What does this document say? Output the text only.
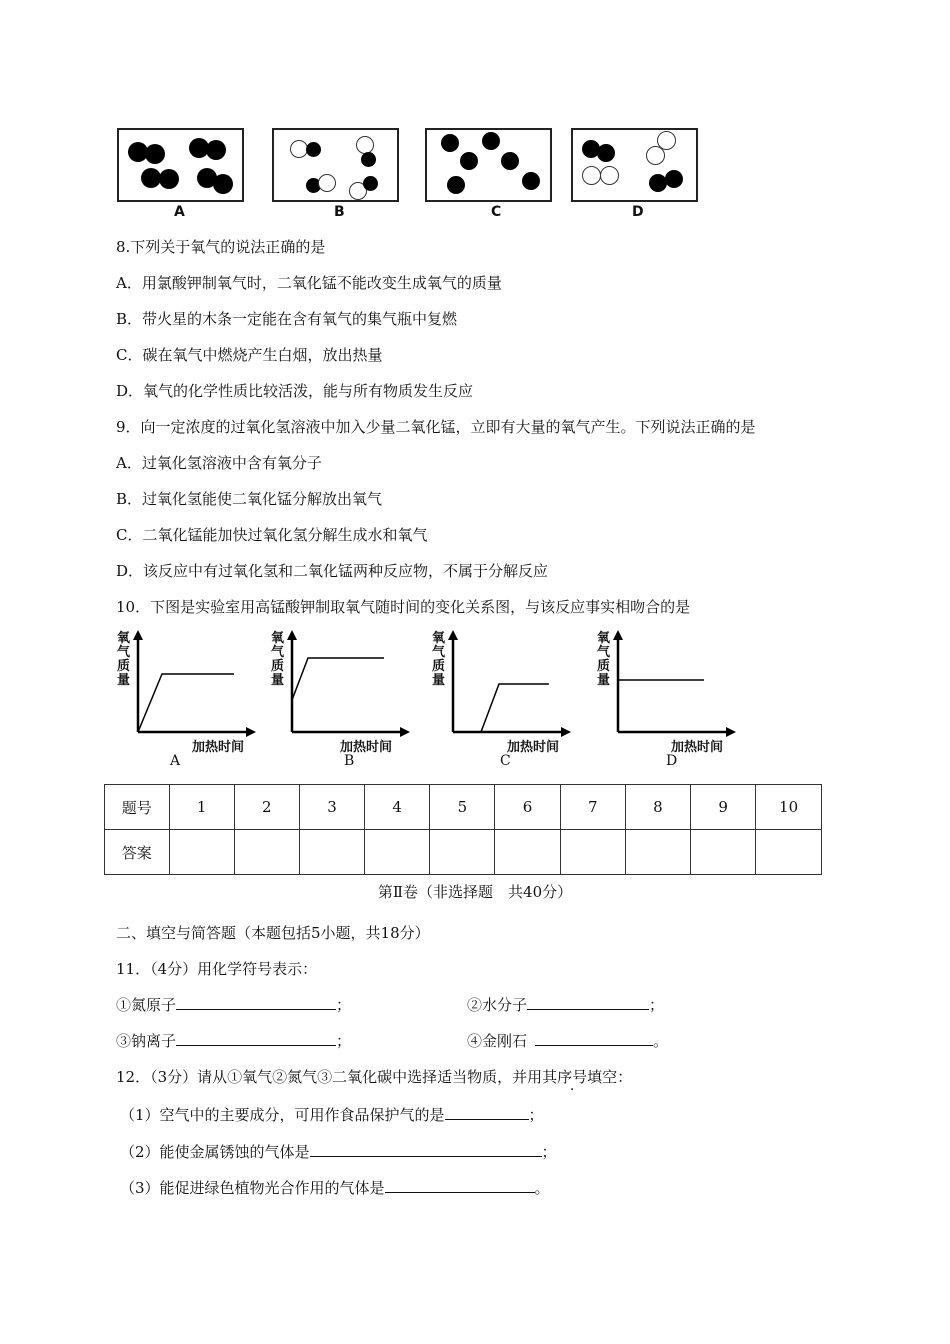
A	B	C	D
8.下列关于氧气的说法正确的是
A．用氯酸钾制氧气时，二氧化锰不能改变生成氧气的质量
B．带火星的木条一定能在含有氧气的集气瓶中复燃
C．碳在氧气中燃烧产生白烟，放出热量
D．氧气的化学性质比较活泼，能与所有物质发生反应
9．向一定浓度的过氧化氢溶液中加入少量二氧化锰，立即有大量的氧气产生。下列说法正确的是
A．过氧化氢溶液中含有氧分子
B．过氧化氢能使二氧化锰分解放出氧气
C．二氧化锰能加快过氧化氢分解生成水和氧气
D．该反应中有过氧化氢和二氧化锰两种反应物，不属于分解反应
10．下图是实验室用高锰酸钾制取氧气随时间的变化关系图，与该反应事实相吻合的是
氧气质量
加热时间
A
氧气质量
加热时间
B
氧气质量
加热时间
C
氧气质量
加热时间
D
题号	1	2	3	4	5	6	7	8	9	10
答案										
第Ⅱ卷（非选择题　共40分）
二、填空与简答题（本题包括5小题，共18分）
11．（4分）用化学符号表示：
①氮原子	；	②水分子	；
③钠离子	；	④金刚石	。
12．（3分）请从①氧气②氮气③二氧化碳中选择适当物质，并用其序号填空：
（1）空气中的主要成分，可用作食品保护气的是	；
（2）能使金属锈蚀的气体是	；
（3）能促进绿色植物光合作用的气体是	。
